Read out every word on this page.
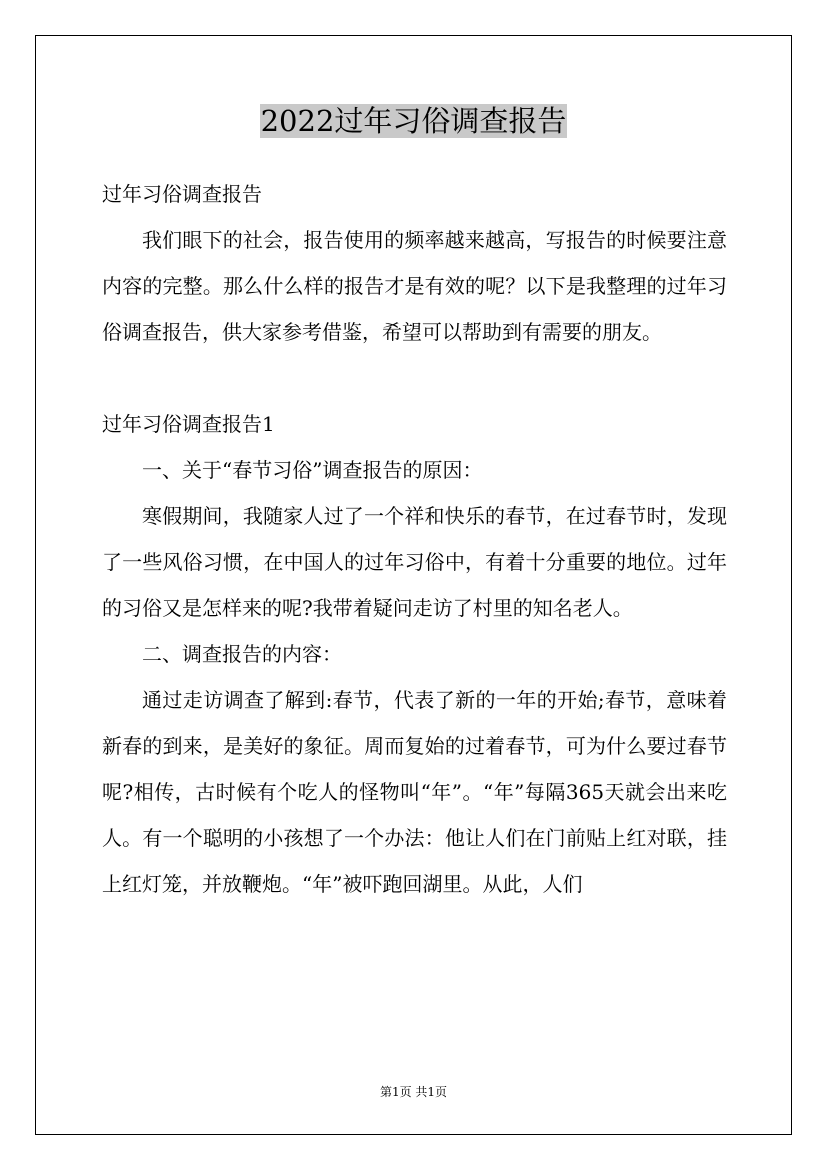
2022过年习俗调查报告

过年习俗调查报告

我们眼下的社会，报告使用的频率越来越高，写报告的时候要注意内容的完整。那么什么样的报告才是有效的呢？以下是我整理的过年习俗调查报告，供大家参考借鉴，希望可以帮助到有需要的朋友。

过年习俗调查报告1

一、关于“春节习俗”调查报告的原因：

寒假期间，我随家人过了一个祥和快乐的春节，在过春节时，发现了一些风俗习惯，在中国人的过年习俗中，有着十分重要的地位。过年的习俗又是怎样来的呢?我带着疑问走访了村里的知名老人。

二、调查报告的内容：

通过走访调查了解到:春节，代表了新的一年的开始;春节，意味着新春的到来，是美好的象征。周而复始的过着春节，可为什么要过春节呢?相传，古时候有个吃人的怪物叫“年”。“年”每隔365天就会出来吃人。有一个聪明的小孩想了一个办法：他让人们在门前贴上红对联，挂上红灯笼，并放鞭炮。“年”被吓跑回湖里。从此，人们

第1页 共1页
